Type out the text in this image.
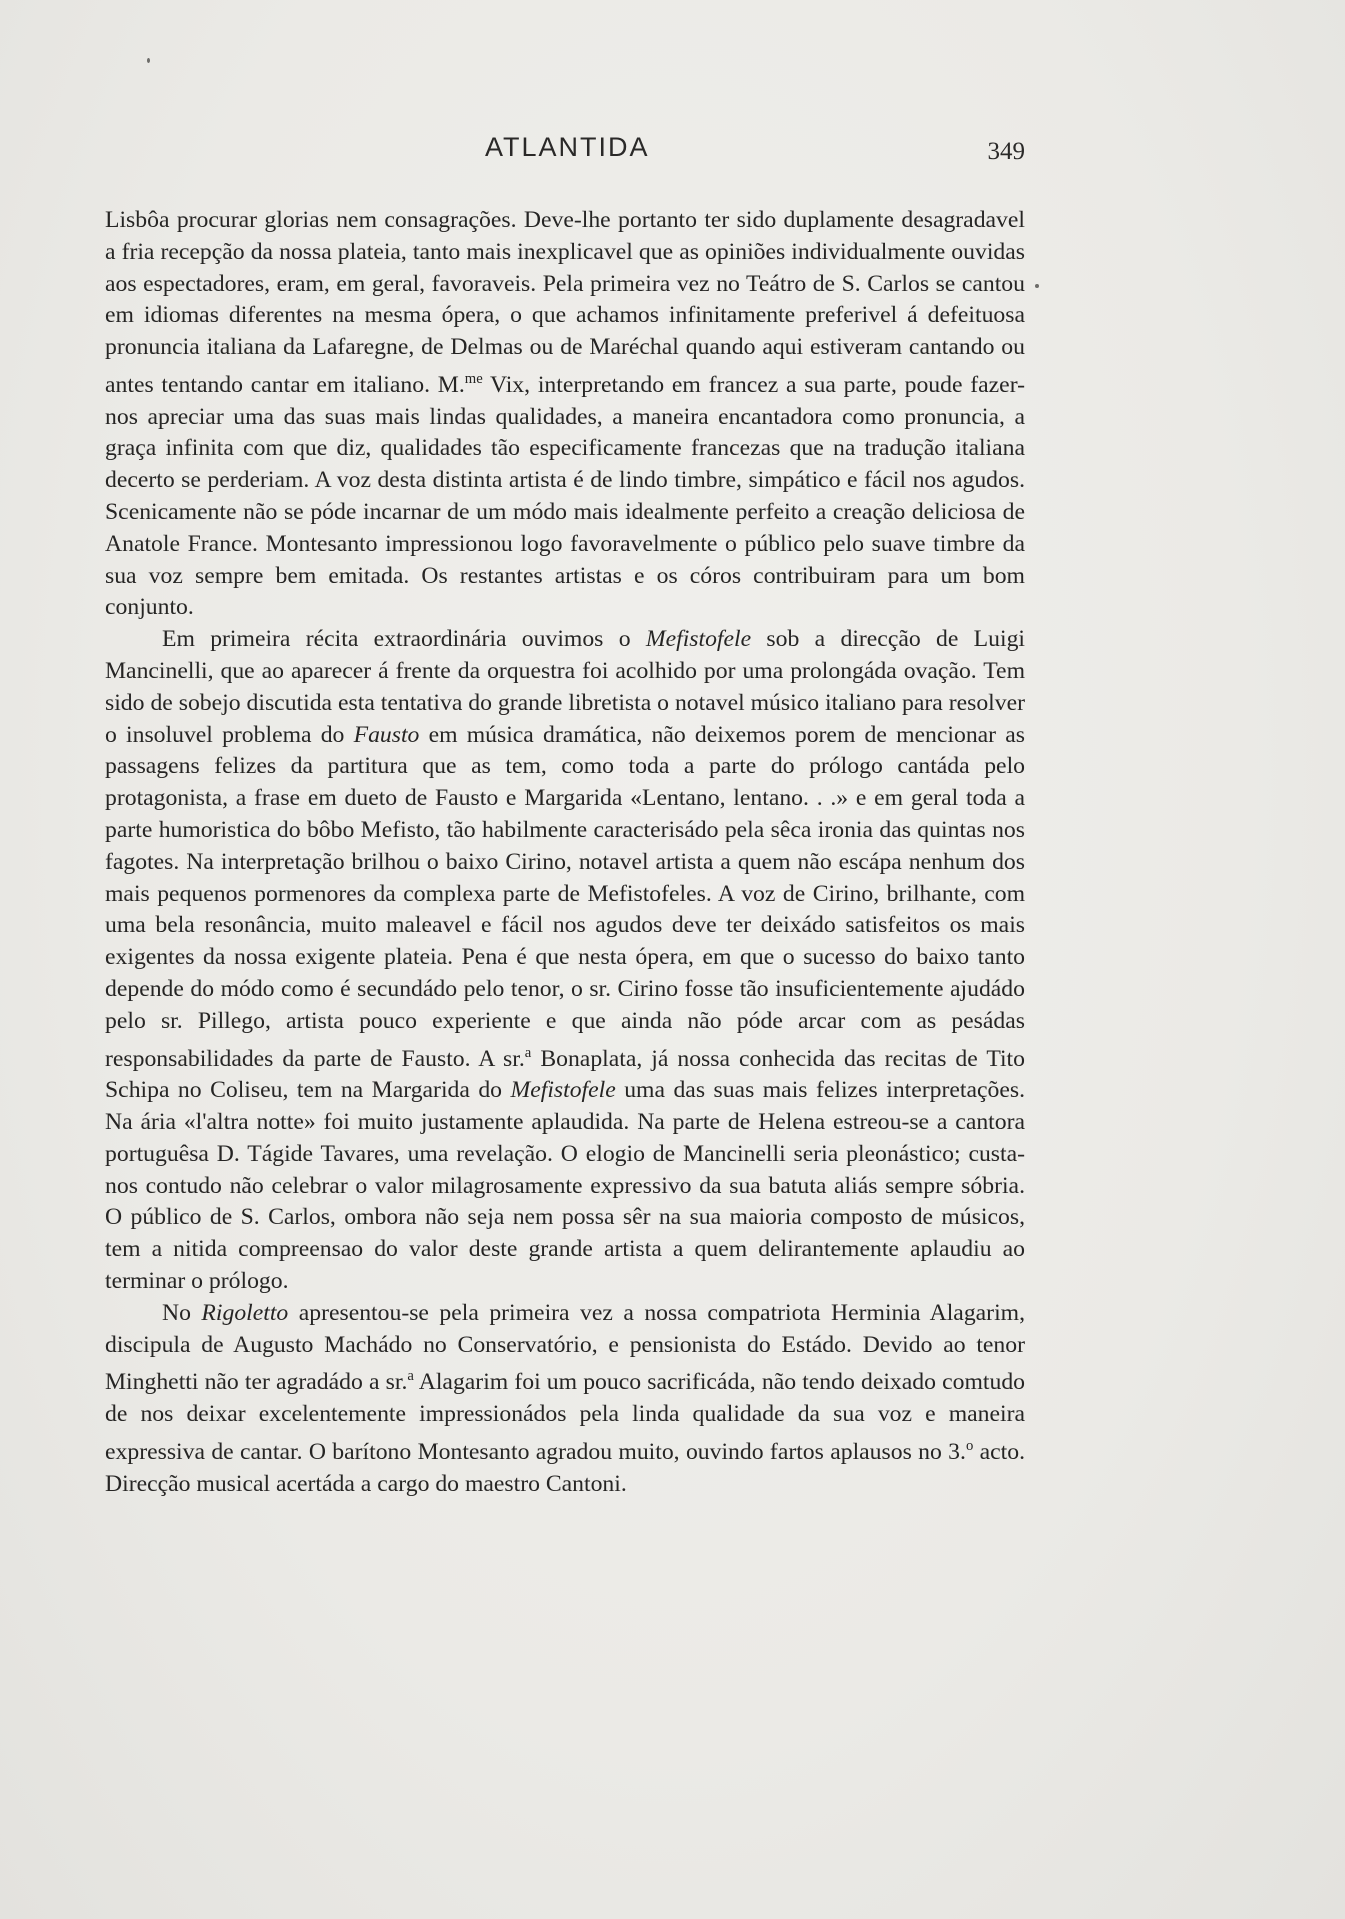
ATLANTIDA	349

Lisbôa procurar glorias nem consagrações. Deve-lhe portanto ter sido duplamente desagradavel a fria recepção da nossa plateia, tanto mais inexplicavel que as opiniões individualmente ouvidas aos espectadores, eram, em geral, favoraveis. Pela primeira vez no Teátro de S. Carlos se cantou em idiomas diferentes na mesma ópera, o que achamos infinitamente preferivel á defeituosa pronuncia italiana da Lafaregne, de Delmas ou de Maréchal quando aqui estiveram cantando ou antes tentando cantar em italiano. M.$^{me}$ Vix, interpretando em francez a sua parte, poude fazer-nos apreciar uma das suas mais lindas qualidades, a maneira encantadora como pronuncia, a graça infinita com que diz, qualidades tão especificamente francezas que na tradução italiana decerto se perderiam. A voz desta distinta artista é de lindo timbre, simpático e fácil nos agudos. Scenicamente não se póde incarnar de um módo mais idealmente perfeito a creação deliciosa de Anatole France. Montesanto impressionou logo favoravelmente o público pelo suave timbre da sua voz sempre bem emitada. Os restantes artistas e os córos contribuiram para um bom conjunto.

Em primeira récita extraordinária ouvimos o Mefistofele sob a direcção de Luigi Mancinelli, que ao aparecer á frente da orquestra foi acolhido por uma prolongáda ovação. Tem sido de sobejo discutida esta tentativa do grande libretista o notavel músico italiano para resolver o insoluvel problema do Fausto em música dramática, não deixemos porem de mencionar as passagens felizes da partitura que as tem, como toda a parte do prólogo cantáda pelo protagonista, a frase em dueto de Fausto e Margarida «Lentano, lentano. . .» e em geral toda a parte humoristica do bôbo Mefisto, tão habilmente caracterisádo pela sêca ironia das quintas nos fagotes. Na interpretação brilhou o baixo Cirino, notavel artista a quem não escápa nenhum dos mais pequenos pormenores da complexa parte de Mefistofeles. A voz de Cirino, brilhante, com uma bela resonância, muito maleavel e fácil nos agudos deve ter deixádo satisfeitos os mais exigentes da nossa exigente plateia. Pena é que nesta ópera, em que o sucesso do baixo tanto depende do módo como é secundádo pelo tenor, o sr. Cirino fosse tão insuficientemente ajudádo pelo sr. Pillego, artista pouco experiente e que ainda não póde arcar com as pesádas responsabilidades da parte de Fausto. A sr.$^a$ Bonaplata, já nossa conhecida das recitas de Tito Schipa no Coliseu, tem na Margarida do Mefistofele uma das suas mais felizes interpretações. Na ária «l'altra notte» foi muito justamente aplaudida. Na parte de Helena estreou-se a cantora portuguêsa D. Tágide Tavares, uma revelação. O elogio de Mancinelli seria pleonástico; custa-nos contudo não celebrar o valor milagrosamente expressivo da sua batuta aliás sempre sóbria. O público de S. Carlos, ombora não seja nem possa sêr na sua maioria composto de músicos, tem a nitida compreensao do valor deste grande artista a quem delirantemente aplaudiu ao terminar o prólogo.

No Rigoletto apresentou-se pela primeira vez a nossa compatriota Herminia Alagarim, discipula de Augusto Machádo no Conservatório, e pensionista do Estádo. Devido ao tenor Minghetti não ter agradádo a sr.$^a$ Alagarim foi um pouco sacrificáda, não tendo deixado comtudo de nos deixar excelentemente impressionádos pela linda qualidade da sua voz e maneira expressiva de cantar. O barítono Montesanto agradou muito, ouvindo fartos aplausos no 3.$^o$ acto. Direcção musical acertáda a cargo do maestro Cantoni.
